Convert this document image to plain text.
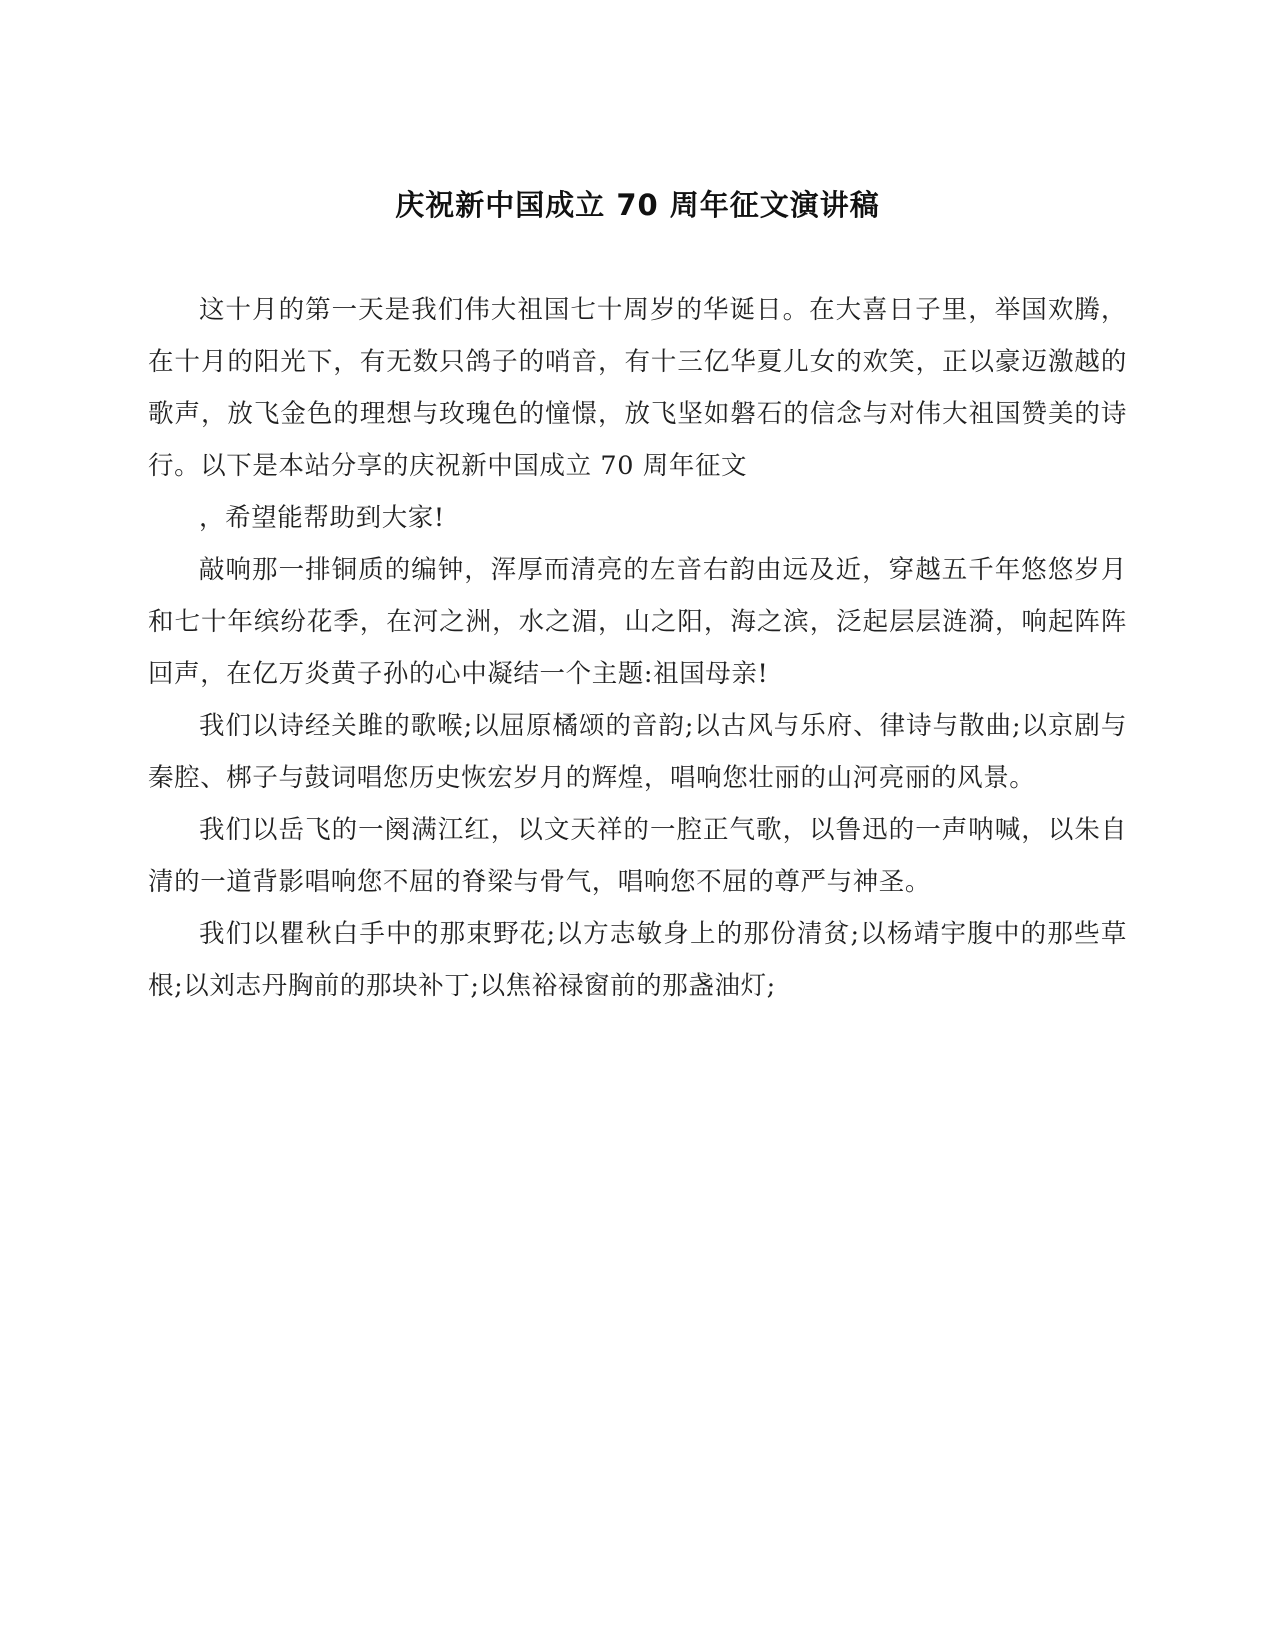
庆祝新中国成立 70 周年征文演讲稿

这十月的第一天是我们伟大祖国七十周岁的华诞日。在大喜日子里，举国欢腾，在十月的阳光下，有无数只鸽子的哨音，有十三亿华夏儿女的欢笑，正以豪迈激越的歌声，放飞金色的理想与玫瑰色的憧憬，放飞坚如磐石的信念与对伟大祖国赞美的诗行。以下是本站分享的庆祝新中国成立 70 周年征文

，希望能帮助到大家!

敲响那一排铜质的编钟，浑厚而清亮的左音右韵由远及近，穿越五千年悠悠岁月和七十年缤纷花季，在河之洲，水之湄，山之阳，海之滨，泛起层层涟漪，响起阵阵回声，在亿万炎黄子孙的心中凝结一个主题:祖国母亲!

我们以诗经关雎的歌喉;以屈原橘颂的音韵;以古风与乐府、律诗与散曲;以京剧与秦腔、梆子与鼓词唱您历史恢宏岁月的辉煌，唱响您壮丽的山河亮丽的风景。

我们以岳飞的一阕满江红，以文天祥的一腔正气歌，以鲁迅的一声呐喊，以朱自清的一道背影唱响您不屈的脊梁与骨气，唱响您不屈的尊严与神圣。

我们以瞿秋白手中的那束野花;以方志敏身上的那份清贫;以杨靖宇腹中的那些草根;以刘志丹胸前的那块补丁;以焦裕禄窗前的那盏油灯;
